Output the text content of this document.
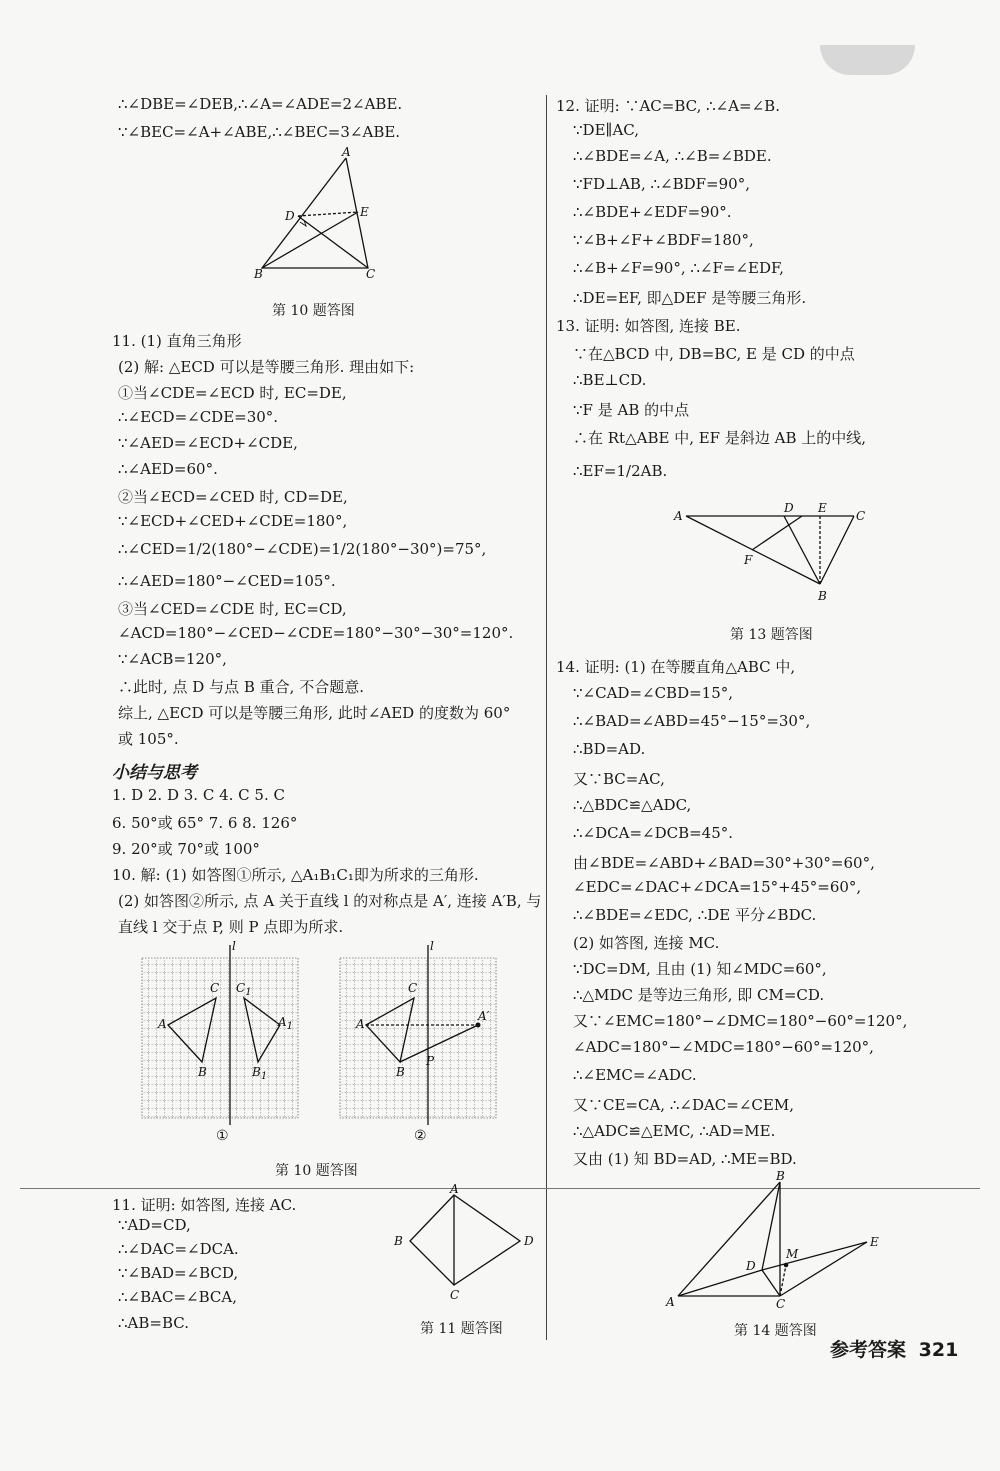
∴∠DBE=∠DEB,∴∠A=∠ADE=2∠ABE.
∵∠BEC=∠A+∠ABE,∴∠BEC=3∠ABE.
A
D	E
B	C
第 10 题答图
11. (1) 直角三角形
(2) 解: △ECD 可以是等腰三角形. 理由如下:
①当∠CDE=∠ECD 时, EC=DE,
∴∠ECD=∠CDE=30°.
∵∠AED=∠ECD+∠CDE,
∴∠AED=60°.
②当∠ECD=∠CED 时, CD=DE,
∵∠ECD+∠CED+∠CDE=180°,
∴∠CED=1/2(180°−∠CDE)=1/2(180°−30°)=75°,
∴∠AED=180°−∠CED=105°.
③当∠CED=∠CDE 时, EC=CD,
∠ACD=180°−∠CED−∠CDE=180°−30°−30°=120°.
∵∠ACB=120°,
∴此时, 点 D 与点 B 重合, 不合题意.
综上, △ECD 可以是等腰三角形, 此时∠AED 的度数为 60°
或 105°.
小结与思考
1. D 2. D 3. C 4. C 5. C
6. 50°或 65° 7. 6 8. 126°
9. 20°或 70°或 100°
10. 解: (1) 如答图①所示, △A₁B₁C₁即为所求的三角形.
(2) 如答图②所示, 点 A 关于直线 l 的对称点是 A′, 连接 A′B, 与
直线 l 交于点 P, 则 P 点即为所求.
l
A
C
B
$C_1$
$A_1$
$B_1$
①
l
A
C
B
P
A′
②
第 10 题答图
11. 证明: 如答图, 连接 AC.
∵AD=CD,
∴∠DAC=∠DCA.
∵∠BAD=∠BCD,
∴∠BAC=∠BCA,
∴AB=BC.
A
B
C
D
第 11 题答图
12. 证明: ∵AC=BC, ∴∠A=∠B.
∵DE∥AC,
∴∠BDE=∠A, ∴∠B=∠BDE.
∵FD⊥AB, ∴∠BDF=90°,
∴∠BDE+∠EDF=90°.
∵∠B+∠F+∠BDF=180°,
∴∠B+∠F=90°, ∴∠F=∠EDF,
∴DE=EF, 即△DEF 是等腰三角形.
13. 证明: 如答图, 连接 BE.
∵在△BCD 中, DB=BC, E 是 CD 的中点
∴BE⊥CD.
∵F 是 AB 的中点
∴在 Rt△ABE 中, EF 是斜边 AB 上的中线,
∴EF=1/2AB.
A
D E
C
F
B
第 13 题答图
14. 证明: (1) 在等腰直角△ABC 中,
∵∠CAD=∠CBD=15°,
∴∠BAD=∠ABD=45°−15°=30°,
∴BD=AD.
又∵BC=AC,
∴△BDC≌△ADC,
∴∠DCA=∠DCB=45°.
由∠BDE=∠ABD+∠BAD=30°+30°=60°,
∠EDC=∠DAC+∠DCA=15°+45°=60°,
∴∠BDE=∠EDC, ∴DE 平分∠BDC.
(2) 如答图, 连接 MC.
∵DC=DM, 且由 (1) 知∠MDC=60°,
∴△MDC 是等边三角形, 即 CM=CD.
又∵∠EMC=180°−∠DMC=180°−60°=120°,
∠ADC=180°−∠MDC=180°−60°=120°,
∴∠EMC=∠ADC.
又∵CE=CA, ∴∠DAC=∠CEM,
∴△ADC≌△EMC, ∴AD=ME.
又由 (1) 知 BD=AD, ∴ME=BD.
B
E
M
D
A	C
第 14 题答图
参考答案 321
